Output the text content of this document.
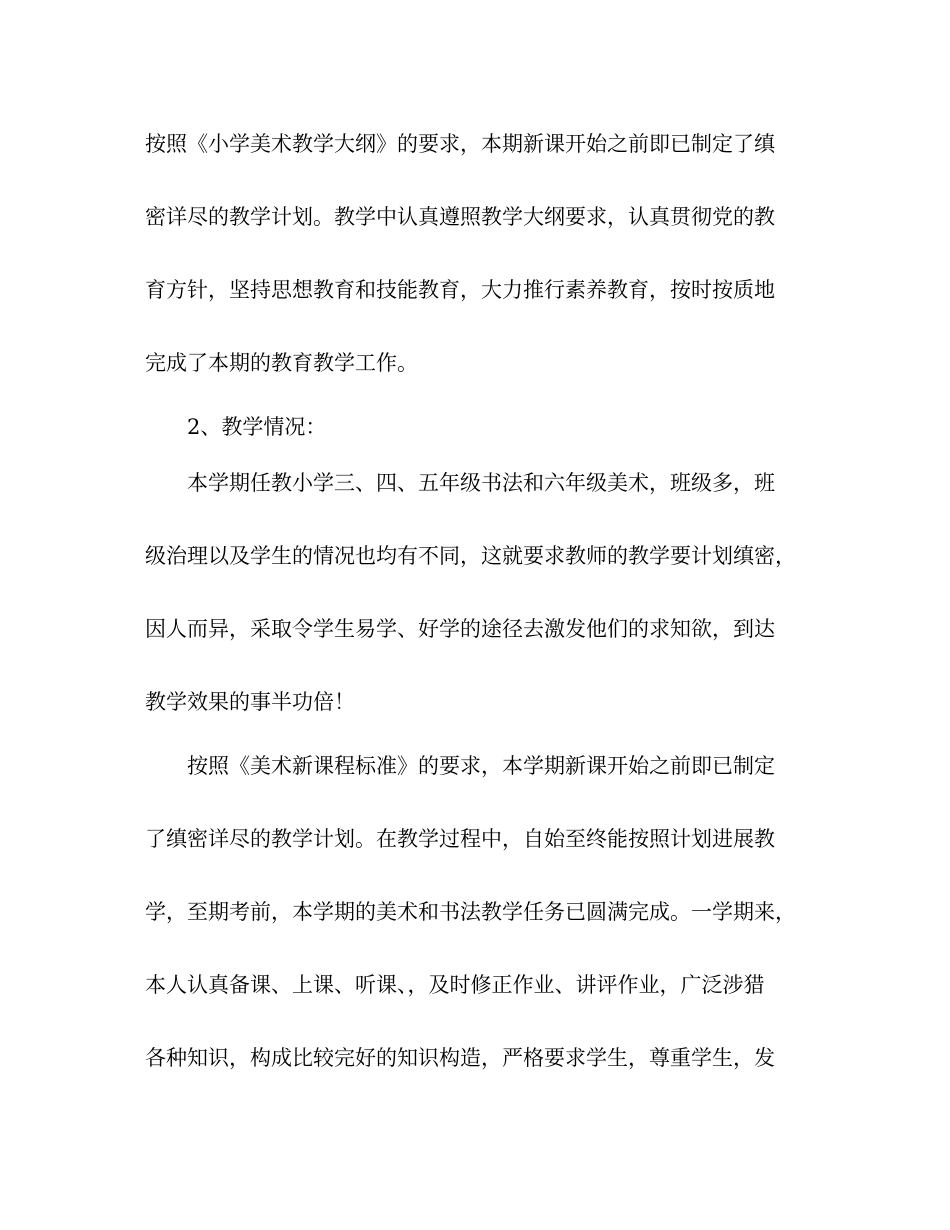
按照《小学美术教学大纲》的要求，本期新课开始之前即已制定了缜
密详尽的教学计划。教学中认真遵照教学大纲要求，认真贯彻党的教
育方针，坚持思想教育和技能教育，大力推行素养教育，按时按质地
完成了本期的教育教学工作。
2、教学情况：
本学期任教小学三、四、五年级书法和六年级美术，班级多，班
级治理以及学生的情况也均有不同，这就要求教师的教学要计划缜密，
因人而异，采取令学生易学、好学的途径去激发他们的求知欲，到达
教学效果的事半功倍！
按照《美术新课程标准》的要求，本学期新课开始之前即已制定
了缜密详尽的教学计划。在教学过程中，自始至终能按照计划进展教
学，至期考前，本学期的美术和书法教学任务已圆满完成。一学期来，
本人认真备课、上课、听课、，及时修正作业、讲评作业，广泛涉猎
各种知识，构成比较完好的知识构造，严格要求学生，尊重学生，发
